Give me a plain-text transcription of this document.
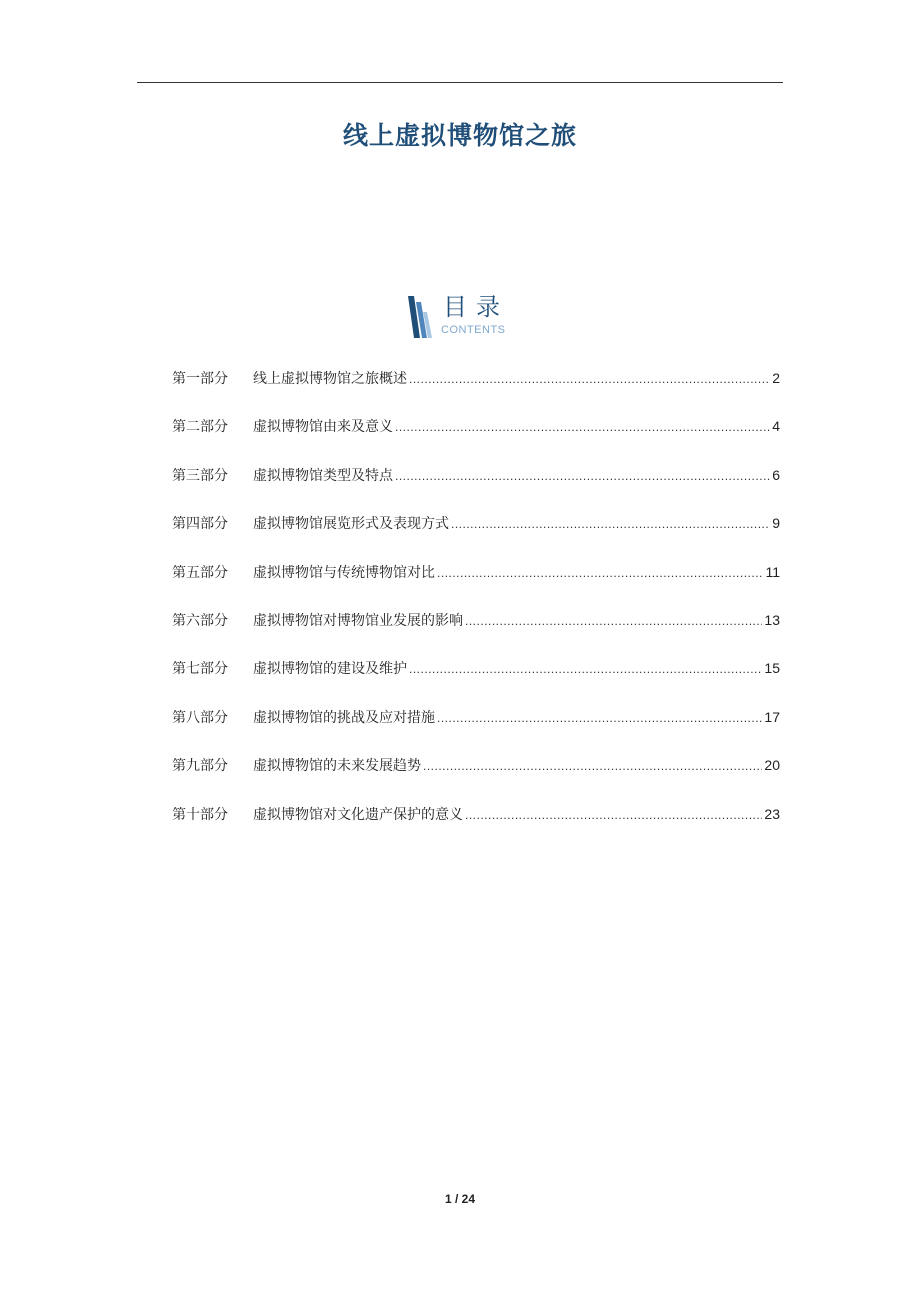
线上虚拟博物馆之旅
目录
CONTENTS
第一部分	线上虚拟博物馆之旅概述 .....	2
第二部分	虚拟博物馆由来及意义 .....	4
第三部分	虚拟博物馆类型及特点 .....	6
第四部分	虚拟博物馆展览形式及表现方式 .....	9
第五部分	虚拟博物馆与传统博物馆对比 .....	11
第六部分	虚拟博物馆对博物馆业发展的影响 .....	13
第七部分	虚拟博物馆的建设及维护 .....	15
第八部分	虚拟博物馆的挑战及应对措施 .....	17
第九部分	虚拟博物馆的未来发展趋势 .....	20
第十部分	虚拟博物馆对文化遗产保护的意义 .....	23
1 / 24
